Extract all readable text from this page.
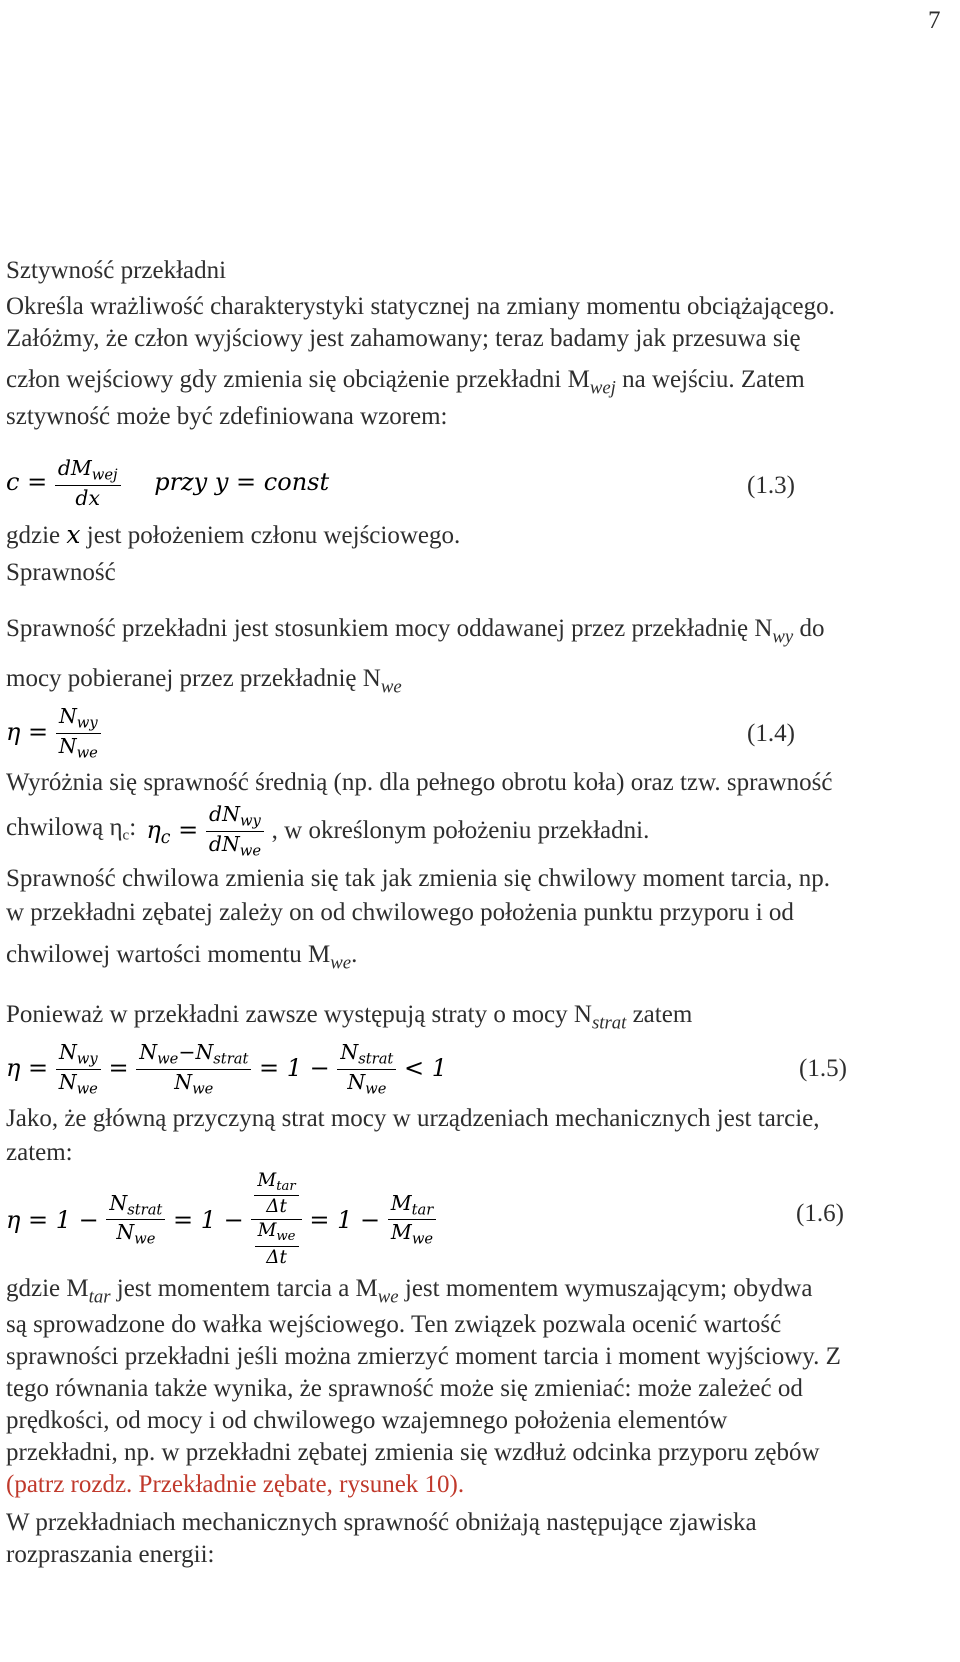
7
Sztywność przekładni
Określa wrażliwość charakterystyki statycznej na zmiany momentu obciążającego.
Załóżmy, że człon wyjściowy jest zahamowany; teraz badamy jak przesuwa się
człon wejściowy gdy zmienia się obciążenie przekładni $M_{wej}$ na wejściu. Zatem
sztywność może być zdefiniowana wzorem:
$c = \frac{dM_{wej}}{dx}$ przy y = const	(1.3)
gdzie x jest położeniem członu wejściowego.
Sprawność
Sprawność przekładni jest stosunkiem mocy oddawanej przez przekładnię $N_{wy}$ do
mocy pobieranej przez przekładnię $N_{we}$
$\eta = \frac{N_{wy}}{N_{we}}$	(1.4)
Wyróżnia się sprawność średnią (np. dla pełnego obrotu koła) oraz tzw. sprawność
chwilową ηc: $\eta_c = \frac{dN_{wy}}{dN_{we}}$ , w określonym położeniu przekładni.
Sprawność chwilowa zmienia się tak jak zmienia się chwilowy moment tarcia, np.
w przekładni zębatej zależy on od chwilowego położenia punktu przyporu i od
chwilowej wartości momentu $M_{we}$.
Ponieważ w przekładni zawsze występują straty o mocy $N_{strat}$ zatem
$\eta = \frac{N_{wy}}{N_{we}} = \frac{N_{we}-N_{strat}}{N_{we}} = 1 - \frac{N_{strat}}{N_{we}} < 1$	(1.5)
Jako, że główną przyczyną strat mocy w urządzeniach mechanicznych jest tarcie,
zatem:
$\eta = 1 - \frac{N_{strat}}{N_{we}} = 1 - \frac{\frac{M_{tar}}{\Delta t}}{\frac{M_{we}}{\Delta t}} = 1 - \frac{M_{tar}}{M_{we}}$	(1.6)
gdzie $M_{tar}$ jest momentem tarcia a $M_{we}$ jest momentem wymuszającym; obydwa
są sprowadzone do wałka wejściowego. Ten związek pozwala ocenić wartość
sprawności przekładni jeśli można zmierzyć moment tarcia i moment wyjściowy. Z
tego równania także wynika, że sprawność może się zmieniać: może zależeć od
prędkości, od mocy i od chwilowego wzajemnego położenia elementów
przekładni, np. w przekładni zębatej zmienia się wzdłuż odcinka przyporu zębów
(patrz rozdz. Przekładnie zębate, rysunek 10).
W przekładniach mechanicznych sprawność obniżają następujące zjawiska
rozpraszania energii:
